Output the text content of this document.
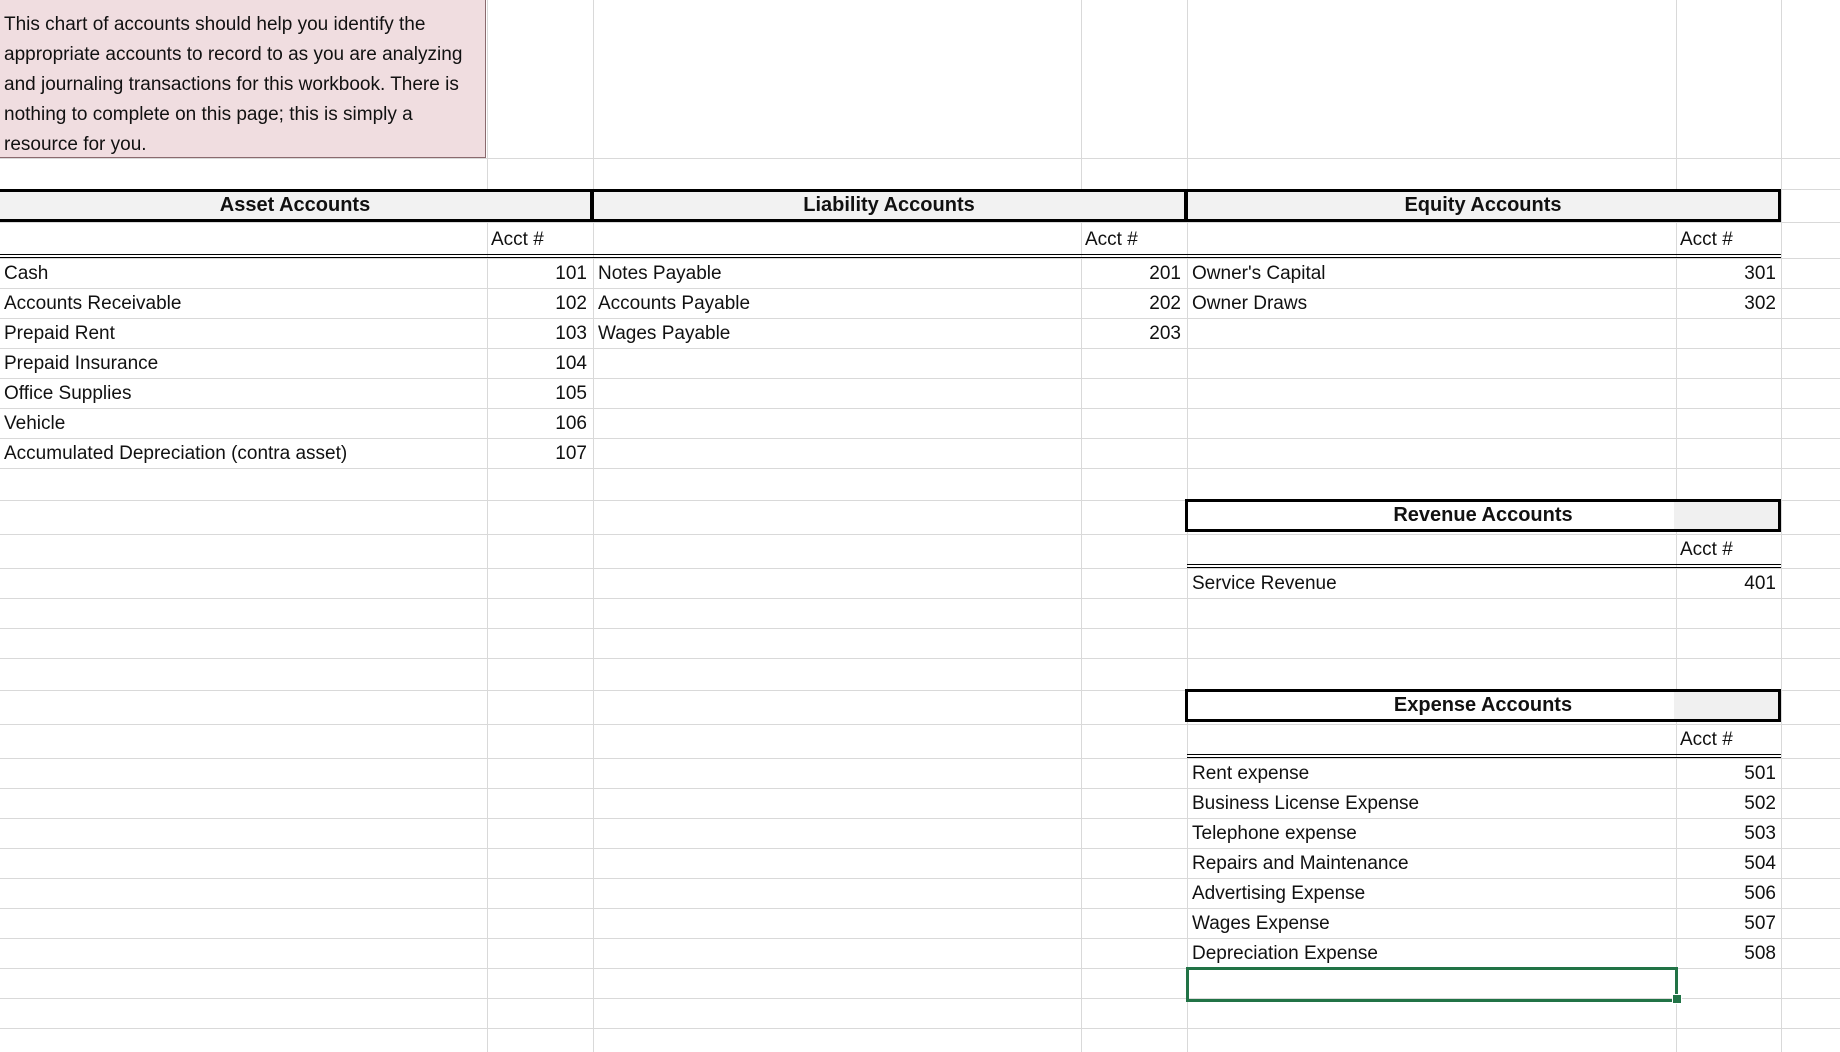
This chart of accounts should help you identify the appropriate accounts to record to as you are analyzing and journaling transactions for this workbook. There is nothing to complete on this page; this is simply a resource for you.
Asset Accounts
Acct #
Liability Accounts
Acct #
Equity Accounts
Acct #
Revenue Accounts
Acct #
Expense Accounts
Acct #
Cash	101
Accounts Receivable	102
Prepaid Rent	103
Prepaid Insurance	104
Office Supplies	105
Vehicle	106
Accumulated Depreciation (contra asset)	107
Notes Payable	201
Accounts Payable	202
Wages Payable	203
Owner's Capital	301
Owner Draws	302
Service Revenue	401
Rent expense	501
Business License Expense	502
Telephone expense	503
Repairs and Maintenance	504
Advertising Expense	506
Wages Expense	507
Depreciation Expense	508
